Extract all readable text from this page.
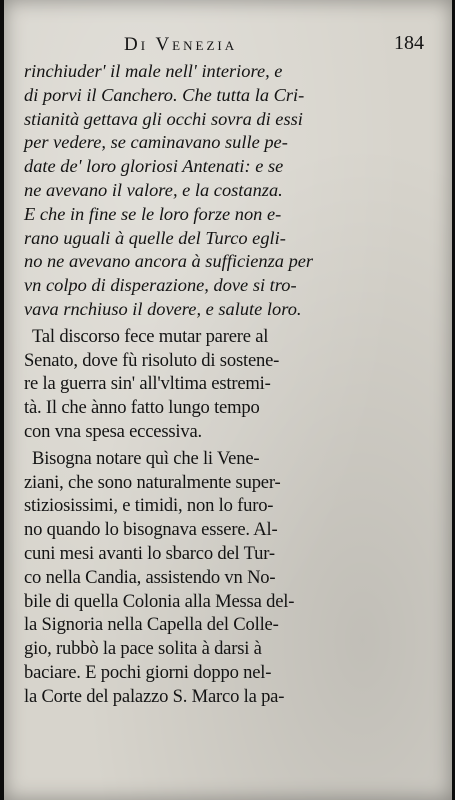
Di Venezia	184
rinchiuder' il male nell' interiore, e
di porvi il Canchero. Che tutta la Cri-
stianità gettava gli occhi sovra di essi
per vedere, se caminavano sulle pe-
date de' loro gloriosi Antenati: e se
ne avevano il valore, e la costanza.
E che in fine se le loro forze non e-
rano uguali à quelle del Turco egli-
no ne avevano ancora à sufficienza per
vn colpo di disperazione, dove si tro-
vava rnchiuso il dovere, e salute loro.
Tal discorso fece mutar parere al
Senato, dove fù risoluto di sostene-
re la guerra sin' all'vltima estremi-
tà. Il che ànno fatto lungo tempo
con vna spesa eccessiva.
Bisogna notare quì che li Vene-
ziani, che sono naturalmente super-
stiziosissimi, e timidi, non lo furo-
no quando lo bisognava essere. Al-
cuni mesi avanti lo sbarco del Tur-
co nella Candia, assistendo vn No-
bile di quella Colonia alla Messa del-
la Signoria nella Capella del Colle-
gio, rubbò la pace solita à darsi à
baciare. E pochi giorni doppo nel-
la Corte del palazzo S. Marco la pa-
